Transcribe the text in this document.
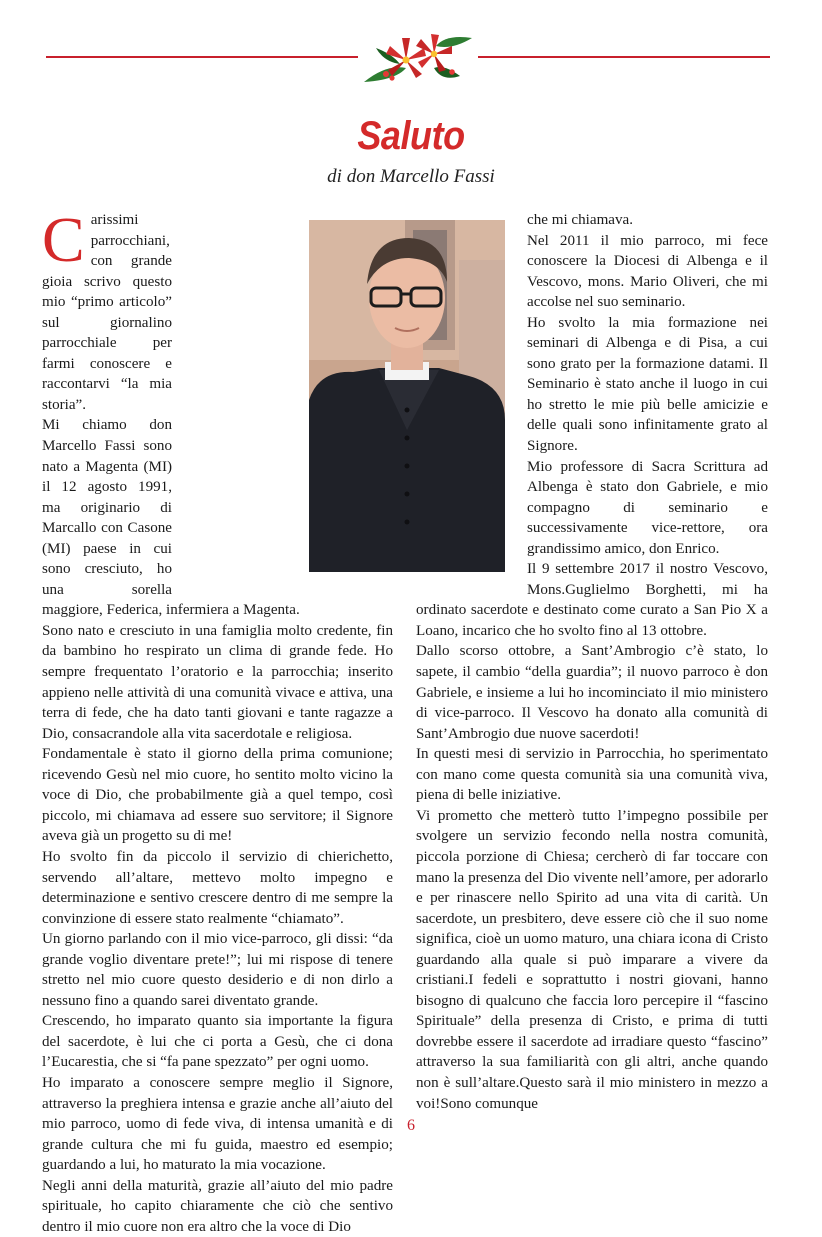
Saluto
di don Marcello Fassi

Carissimi parrocchiani, con grande gioia scrivo questo mio “primo articolo” sul giornalino parrocchiale per farmi conoscere e raccontarvi “la mia storia”.

Mi chiamo don Marcello Fassi sono nato a Magenta (MI) il 12 agosto 1991, ma originario di Marcallo con Casone (MI) paese in cui sono cresciuto, ho una sorella maggiore, Federica, infermiera a Magenta.

Sono nato e cresciuto in una famiglia molto credente, fin da bambino ho respirato un clima di grande fede. Ho sempre frequentato l’oratorio e la parrocchia; inserito appieno nelle attività di una comunità vivace e attiva, una terra di fede, che ha dato tanti giovani e tante ragazze a Dio, consacrandole alla vita sacerdotale e religiosa.

Fondamentale è stato il giorno della prima comunione; ricevendo Gesù nel mio cuore, ho sentito molto vicino la voce di Dio, che probabilmente già a quel tempo, così piccolo, mi chiamava ad essere suo servitore; il Signore aveva già un progetto su di me!

Ho svolto fin da piccolo il servizio di chierichetto, servendo all’altare, mettevo molto impegno e determinazione e sentivo crescere dentro di me sempre la convinzione di essere stato realmente “chiamato”.

Un giorno parlando con il mio vice-parroco, gli dissi: “da grande voglio diventare prete!”; lui mi rispose di tenere stretto nel mio cuore questo desiderio e di non dirlo a nessuno fino a quando sarei diventato grande.

Crescendo, ho imparato quanto sia importante la figura del sacerdote, è lui che ci porta a Gesù, che ci dona l’Eucarestia, che si “fa pane spezzato” per ogni uomo.

Ho imparato a conoscere sempre meglio il Signore, attraverso la preghiera intensa e grazie anche all’aiuto del mio parroco, uomo di fede viva, di intensa umanità e di grande cultura che mi fu guida, maestro ed esempio; guardando a lui, ho maturato la mia vocazione.

Negli anni della maturità, grazie all’aiuto del mio padre spirituale, ho capito chiaramente che ciò che sentivo dentro il mio cuore non era altro che la voce di Dio

che mi chiamava.

Nel 2011 il mio parroco, mi fece conoscere la Diocesi di Albenga e il Vescovo, mons. Mario Oliveri, che mi accolse nel suo seminario.

Ho svolto la mia formazione nei seminari di Albenga e di Pisa, a cui sono grato per la formazione datami. Il Seminario è stato anche il luogo in cui ho stretto le mie più belle amicizie e delle quali sono infinitamente grato al Signore.

Mio professore di Sacra Scrittura ad Albenga è stato don Gabriele, e mio compagno di seminario e successivamente vice-rettore, ora grandissimo amico, don Enrico.

Il 9 settembre 2017 il nostro Vescovo, Mons.Guglielmo Borghetti, mi ha ordinato sacerdote e destinato come curato a San Pio X a Loano, incarico che ho svolto fino al 13 ottobre.

Dallo scorso ottobre, a Sant’Ambrogio c’è stato, lo sapete, il cambio “della guardia”; il nuovo parroco è don Gabriele, e insieme a lui ho incominciato il mio ministero di vice-parroco. Il Vescovo ha donato alla comunità di Sant’Ambrogio due nuove sacerdoti!

In questi mesi di servizio in Parrocchia, ho sperimentato con mano come questa comunità sia una comunità viva, piena di belle iniziative.

Vi prometto che metterò tutto l’impegno possibile per svolgere un servizio fecondo nella nostra comunità, piccola porzione di Chiesa; cercherò di far toccare con mano la presenza del Dio vivente nell’amore, per adorarlo e per rinascere nello Spirito ad una vita di carità. Un sacerdote, un presbitero, deve essere ciò che il suo nome significa, cioè un uomo maturo, una chiara icona di Cristo guardando alla quale si può imparare a vivere da cristiani.I fedeli e soprattutto i nostri giovani, hanno bisogno di qualcuno che faccia loro percepire il “fascino Spirituale” della presenza di Cristo, e prima di tutti dovrebbe essere il sacerdote ad irradiare questo “fascino” attraverso la sua familiarità con gli altri, anche quando non è sull’altare.Questo sarà il mio ministero in mezzo a voi!Sono comunque

6
